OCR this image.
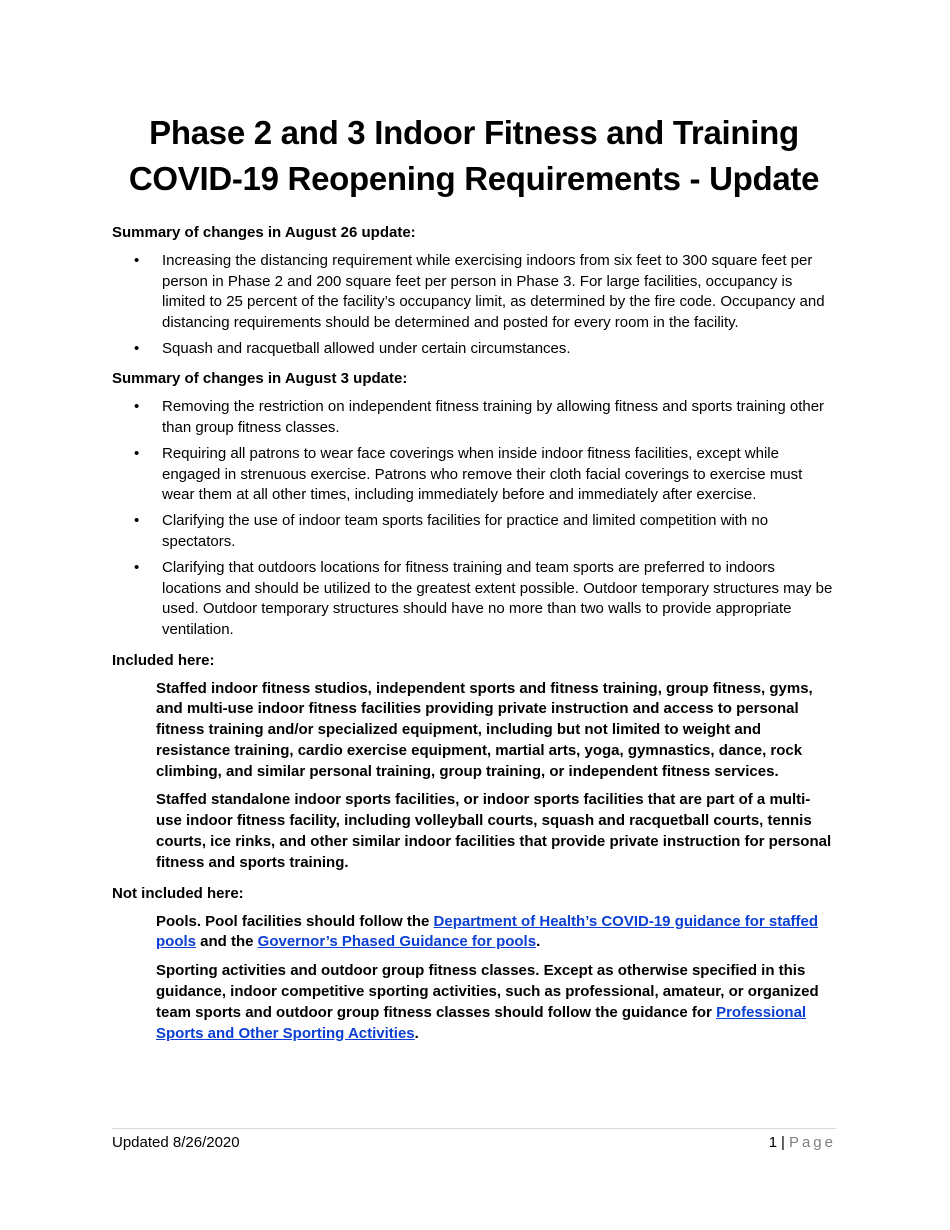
Phase 2 and 3 Indoor Fitness and Training
COVID-19 Reopening Requirements - Update

Summary of changes in August 26 update:

• Increasing the distancing requirement while exercising indoors from six feet to 300 square feet per person in Phase 2 and 200 square feet per person in Phase 3. For large facilities, occupancy is limited to 25 percent of the facility’s occupancy limit, as determined by the fire code. Occupancy and distancing requirements should be determined and posted for every room in the facility.
• Squash and racquetball allowed under certain circumstances.

Summary of changes in August 3 update:

• Removing the restriction on independent fitness training by allowing fitness and sports training other than group fitness classes.
• Requiring all patrons to wear face coverings when inside indoor fitness facilities, except while engaged in strenuous exercise. Patrons who remove their cloth facial coverings to exercise must wear them at all other times, including immediately before and immediately after exercise.
• Clarifying the use of indoor team sports facilities for practice and limited competition with no spectators.
• Clarifying that outdoors locations for fitness training and team sports are preferred to indoors locations and should be utilized to the greatest extent possible. Outdoor temporary structures may be used. Outdoor temporary structures should have no more than two walls to provide appropriate ventilation.

Included here:

Staffed indoor fitness studios, independent sports and fitness training, group fitness, gyms, and multi-use indoor fitness facilities providing private instruction and access to personal fitness training and/or specialized equipment, including but not limited to weight and resistance training, cardio exercise equipment, martial arts, yoga, gymnastics, dance, rock climbing, and similar personal training, group training, or independent fitness services.

Staffed standalone indoor sports facilities, or indoor sports facilities that are part of a multi-use indoor fitness facility, including volleyball courts, squash and racquetball courts, tennis courts, ice rinks, and other similar indoor facilities that provide private instruction for personal fitness and sports training.

Not included here:

Pools. Pool facilities should follow the Department of Health’s COVID-19 guidance for staffed pools and the Governor’s Phased Guidance for pools.

Sporting activities and outdoor group fitness classes. Except as otherwise specified in this guidance, indoor competitive sporting activities, such as professional, amateur, or organized team sports and outdoor group fitness classes should follow the guidance for Professional Sports and Other Sporting Activities.

Updated 8/26/2020	1 | Page
